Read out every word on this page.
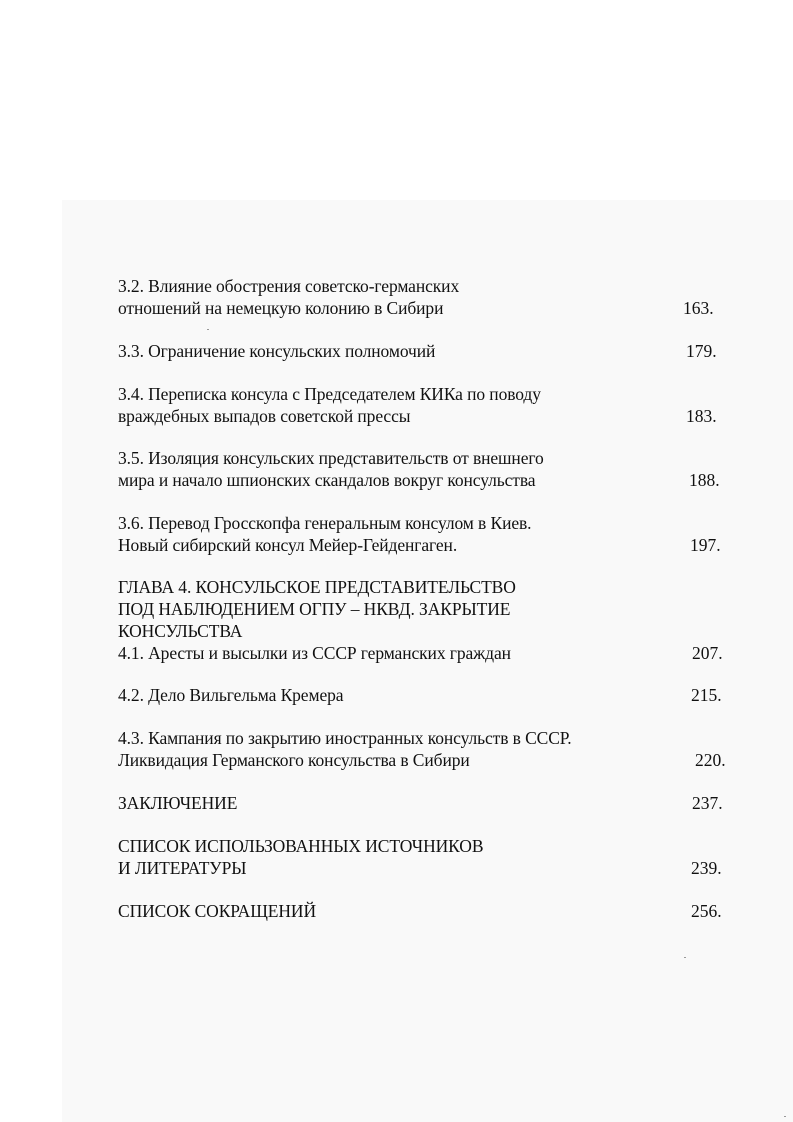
3.2. Влияние обострения советско-германских
отношений на немецкую колонию в Сибири	163.
3.3. Ограничение консульских полномочий	179.
3.4. Переписка консула с Председателем КИКа по поводу
враждебных выпадов советской прессы	183.
3.5. Изоляция консульских представительств от внешнего
мира и начало шпионских скандалов вокруг консульства	188.
3.6. Перевод Гросскопфа генеральным консулом в Киев.
Новый сибирский консул Мейер-Гейденгаген.	197.
ГЛАВА 4. КОНСУЛЬСКОЕ ПРЕДСТАВИТЕЛЬСТВО
ПОД НАБЛЮДЕНИЕМ ОГПУ – НКВД. ЗАКРЫТИЕ
КОНСУЛЬСТВА
4.1. Аресты и высылки из СССР германских граждан	207.
4.2. Дело Вильгельма Кремера	215.
4.3. Кампания по закрытию иностранных консульств в СССР.
Ликвидация Германского консульства в Сибири	220.
ЗАКЛЮЧЕНИЕ	237.
СПИСОК ИСПОЛЬЗОВАННЫХ ИСТОЧНИКОВ
И ЛИТЕРАТУРЫ	239.
СПИСОК СОКРАЩЕНИЙ	256.
